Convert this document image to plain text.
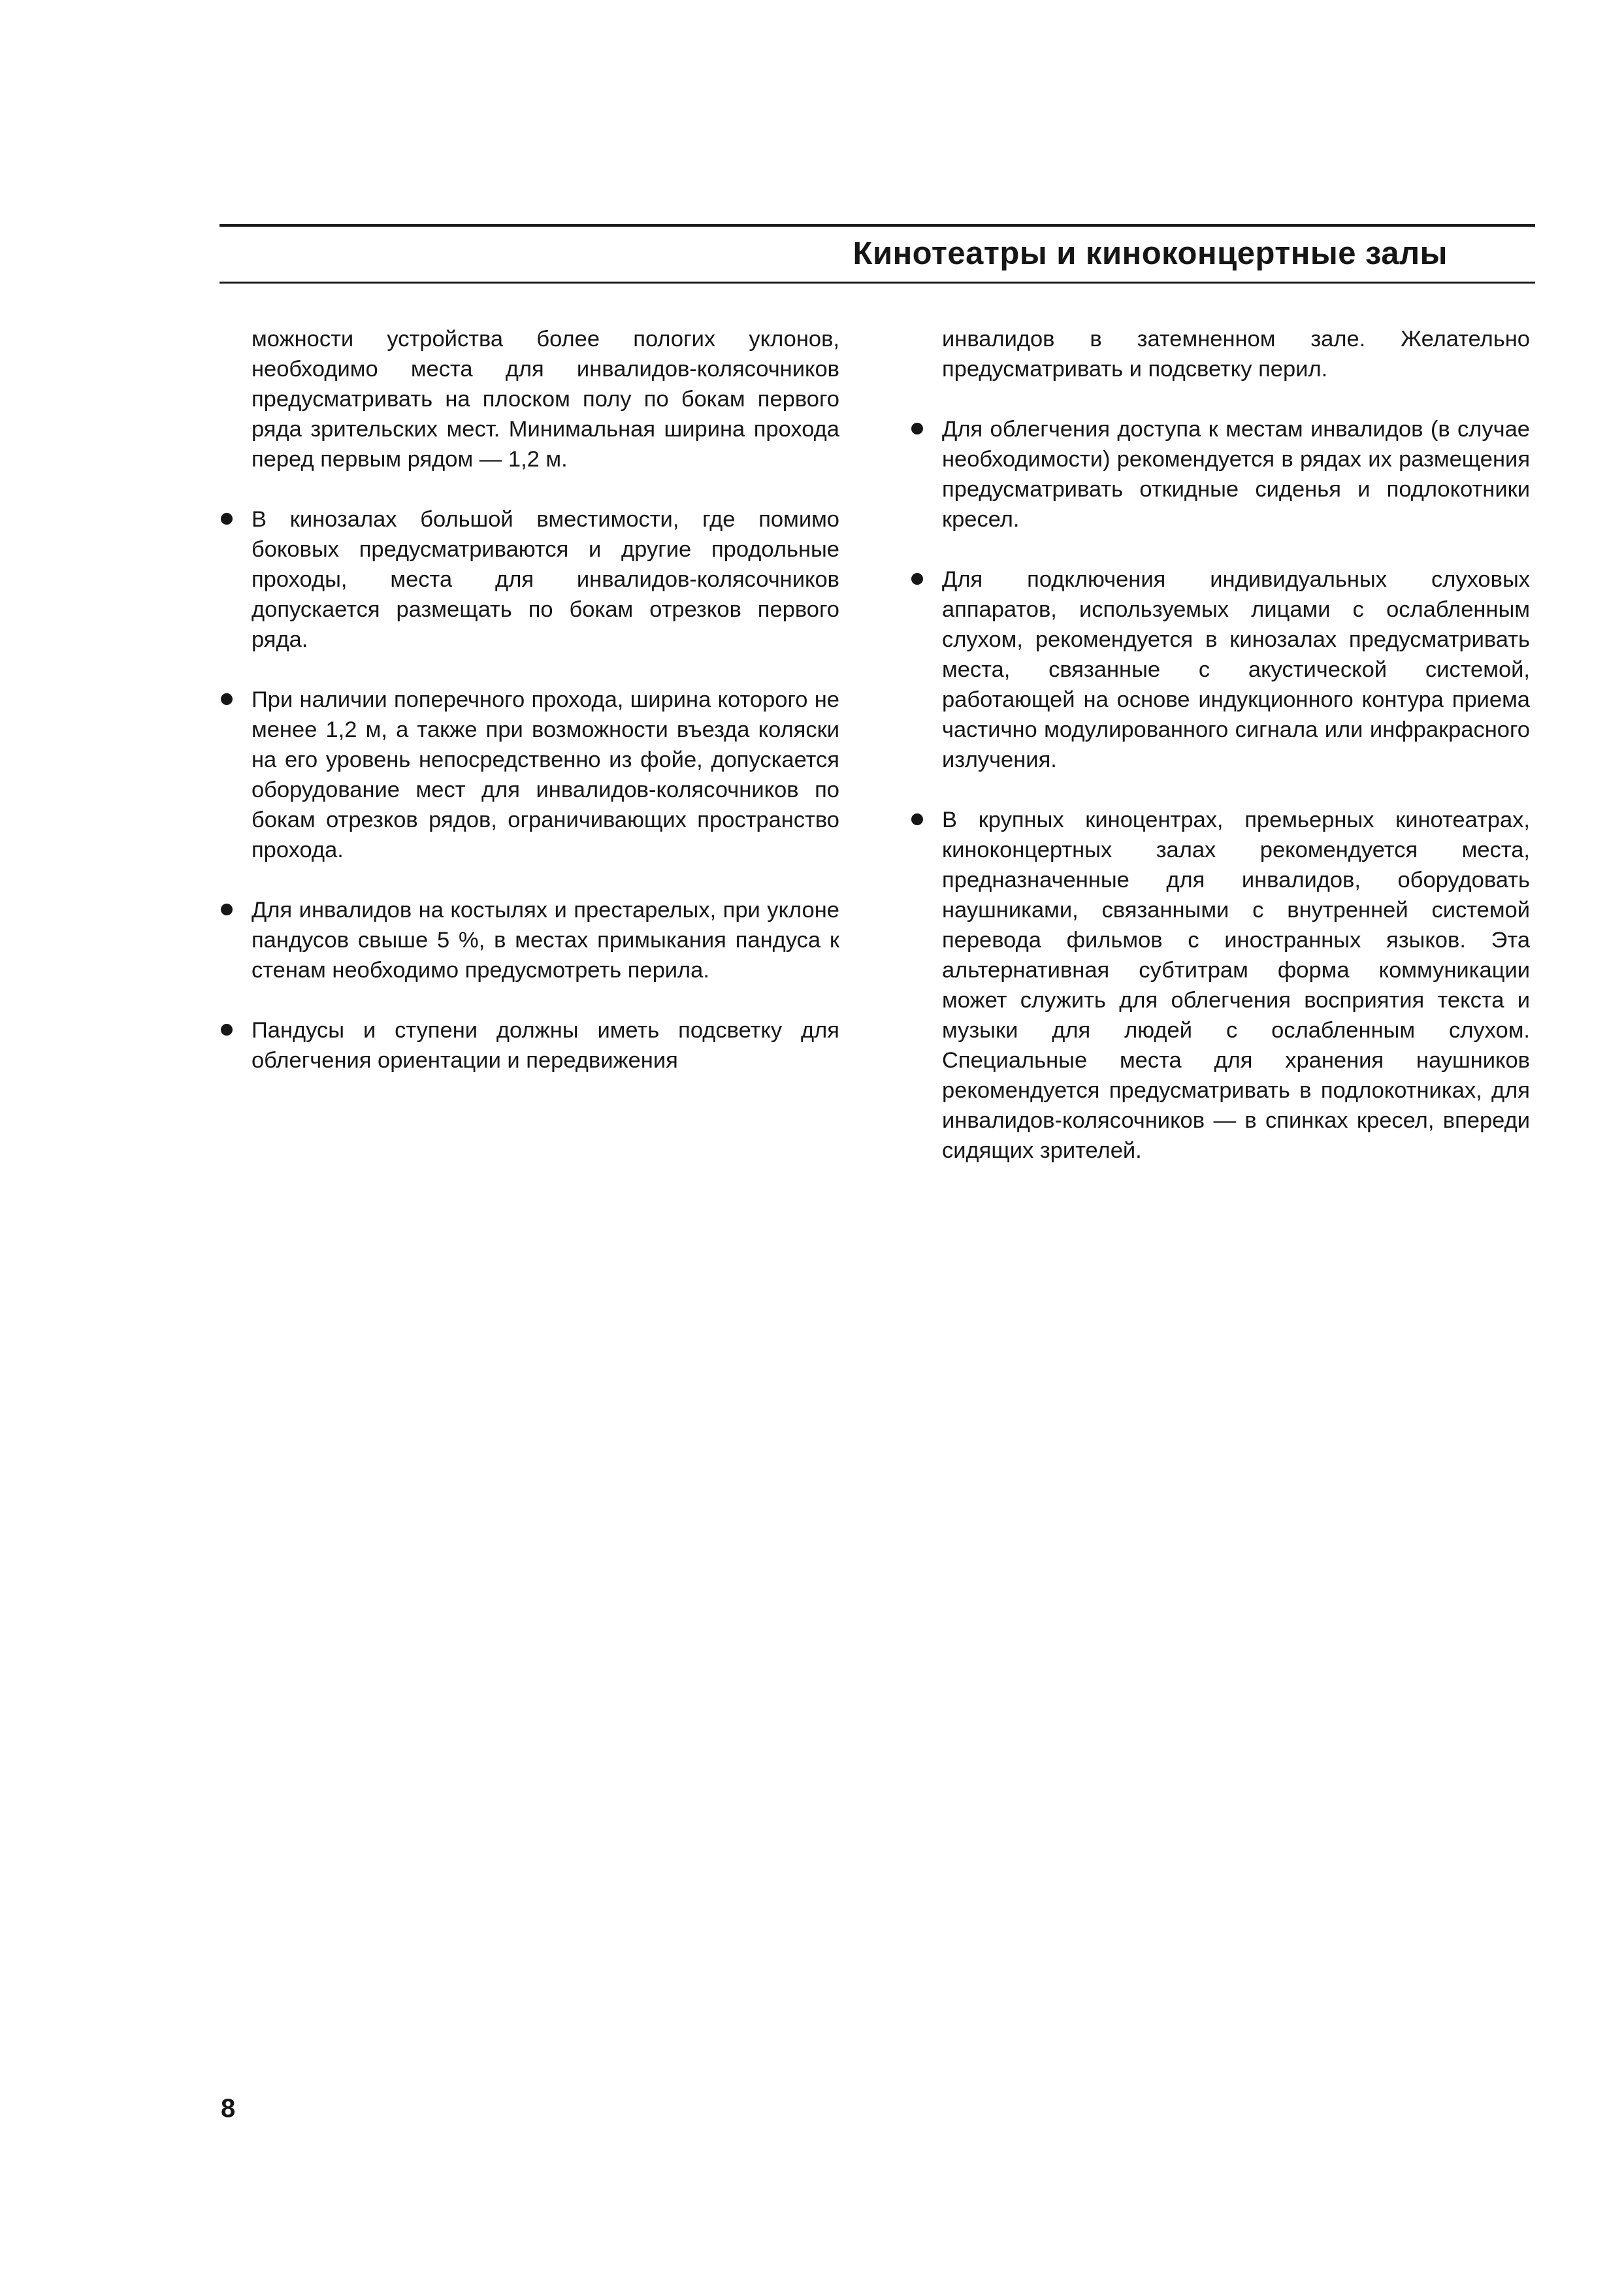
Кинотеатры и киноконцертные залы

можности устройства более пологих уклонов, необходимо места для инвалидов-колясочников предусматривать на плоском полу по бокам первого ряда зрительских мест. Минимальная ширина прохода перед первым рядом — 1,2 м.

В кинозалах большой вместимости, где помимо боковых предусматриваются и другие продольные проходы, места для инвалидов-колясочников допускается размещать по бокам отрезков первого ряда.

При наличии поперечного прохода, ширина которого не менее 1,2 м, а также при возможности въезда коляски на его уровень непосредственно из фойе, допускается оборудование мест для инвалидов-колясочников по бокам отрезков рядов, ограничивающих пространство прохода.

Для инвалидов на костылях и престарелых, при уклоне пандусов свыше 5 %, в местах примыкания пандуса к стенам необходимо предусмотреть перила.

Пандусы и ступени должны иметь подсветку для облегчения ориентации и передвижения

инвалидов в затемненном зале. Желательно предусматривать и подсветку перил.

Для облегчения доступа к местам инвалидов (в случае необходимости) рекомендуется в рядах их размещения предусматривать откидные сиденья и подлокотники кресел.

Для подключения индивидуальных слуховых аппаратов, используемых лицами с ослабленным слухом, рекомендуется в кинозалах предусматривать места, связанные с акустической системой, работающей на основе индукционного контура приема частично модулированного сигнала или инфракрасного излучения.

В крупных киноцентрах, премьерных кинотеатрах, киноконцертных залах рекомендуется места, предназначенные для инвалидов, оборудовать наушниками, связанными с внутренней системой перевода фильмов с иностранных языков. Эта альтернативная субтитрам форма коммуникации может служить для облегчения восприятия текста и музыки для людей с ослабленным слухом. Специальные места для хранения наушников рекомендуется предусматривать в подлокотниках, для инвалидов-колясочников — в спинках кресел, впереди сидящих зрителей.

8
